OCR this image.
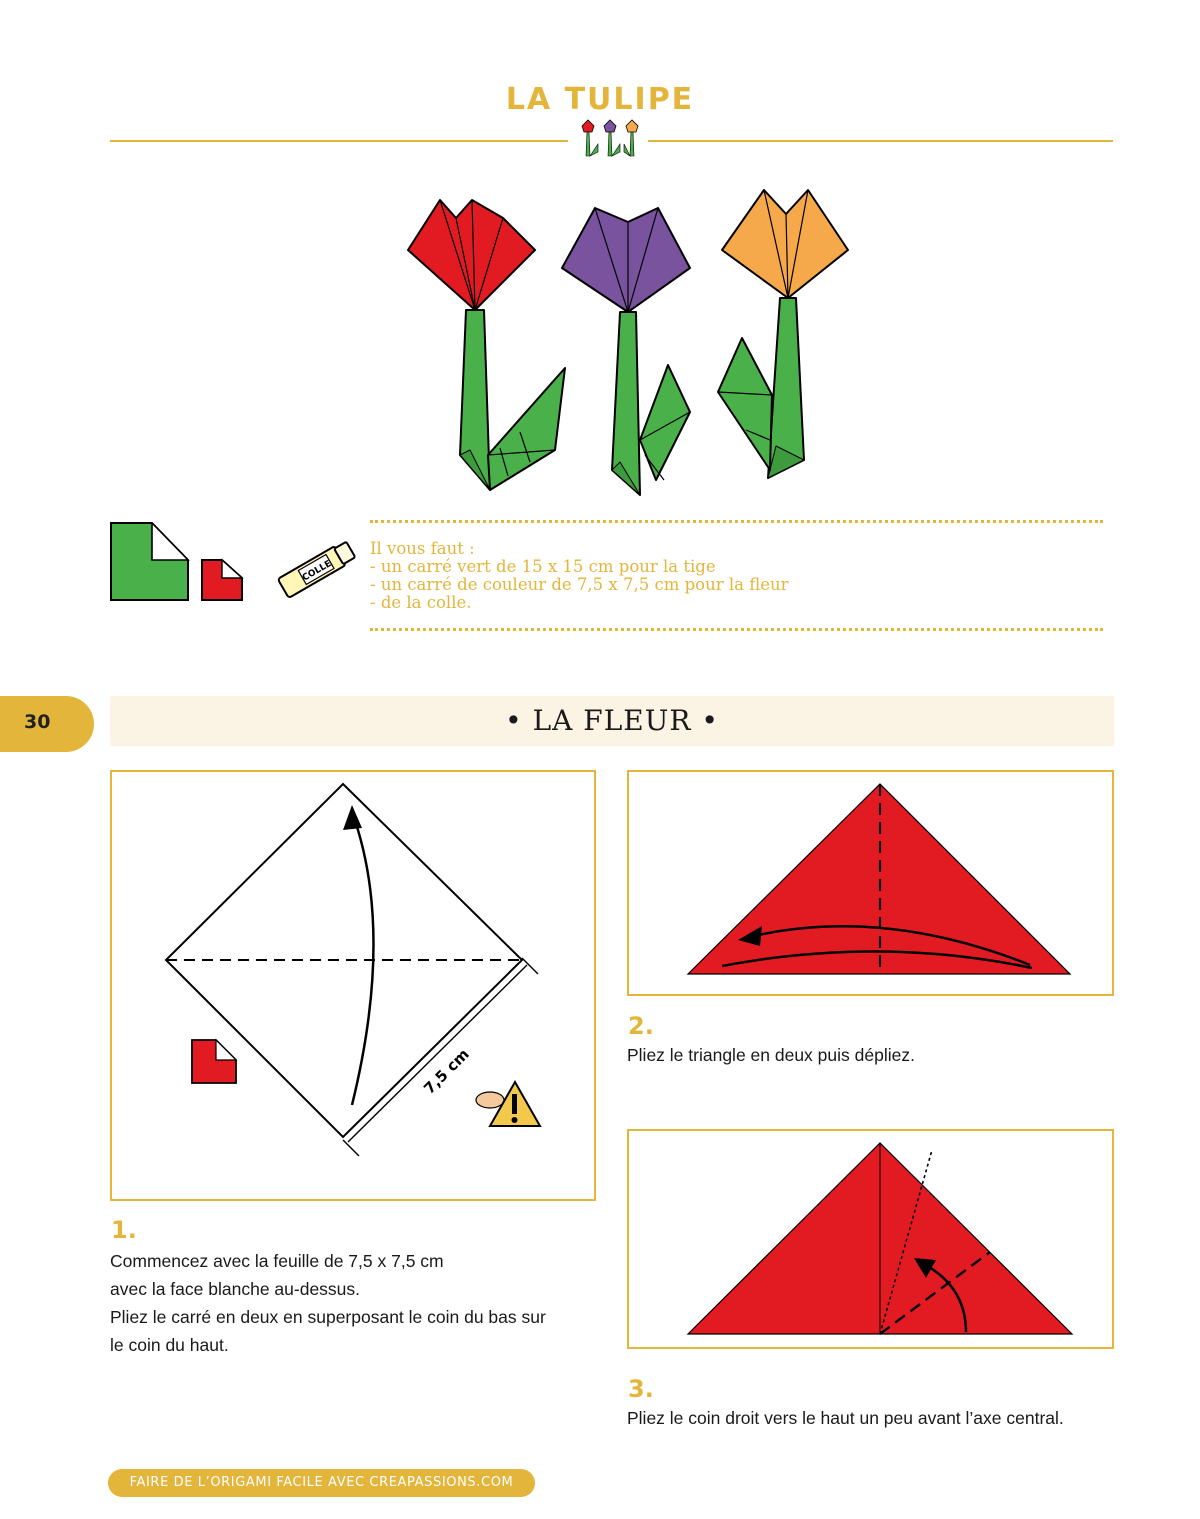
LA TULIPE
COLLE
Il vous faut :
- un carré vert de 15 x 15 cm pour la tige
- un carré de couleur de 7,5 x 7,5 cm pour la fleur
- de la colle.
30	• LA FLEUR •
7,5 cm
1.
Commencez avec la feuille de 7,5 x 7,5 cm
avec la face blanche au-dessus.
Pliez le carré en deux en superposant le coin du bas sur
le coin du haut.
2.
Pliez le triangle en deux puis dépliez.
3.
Pliez le coin droit vers le haut un peu avant l’axe central.
FAIRE DE L’ORIGAMI FACILE AVEC CREAPASSIONS.COM
